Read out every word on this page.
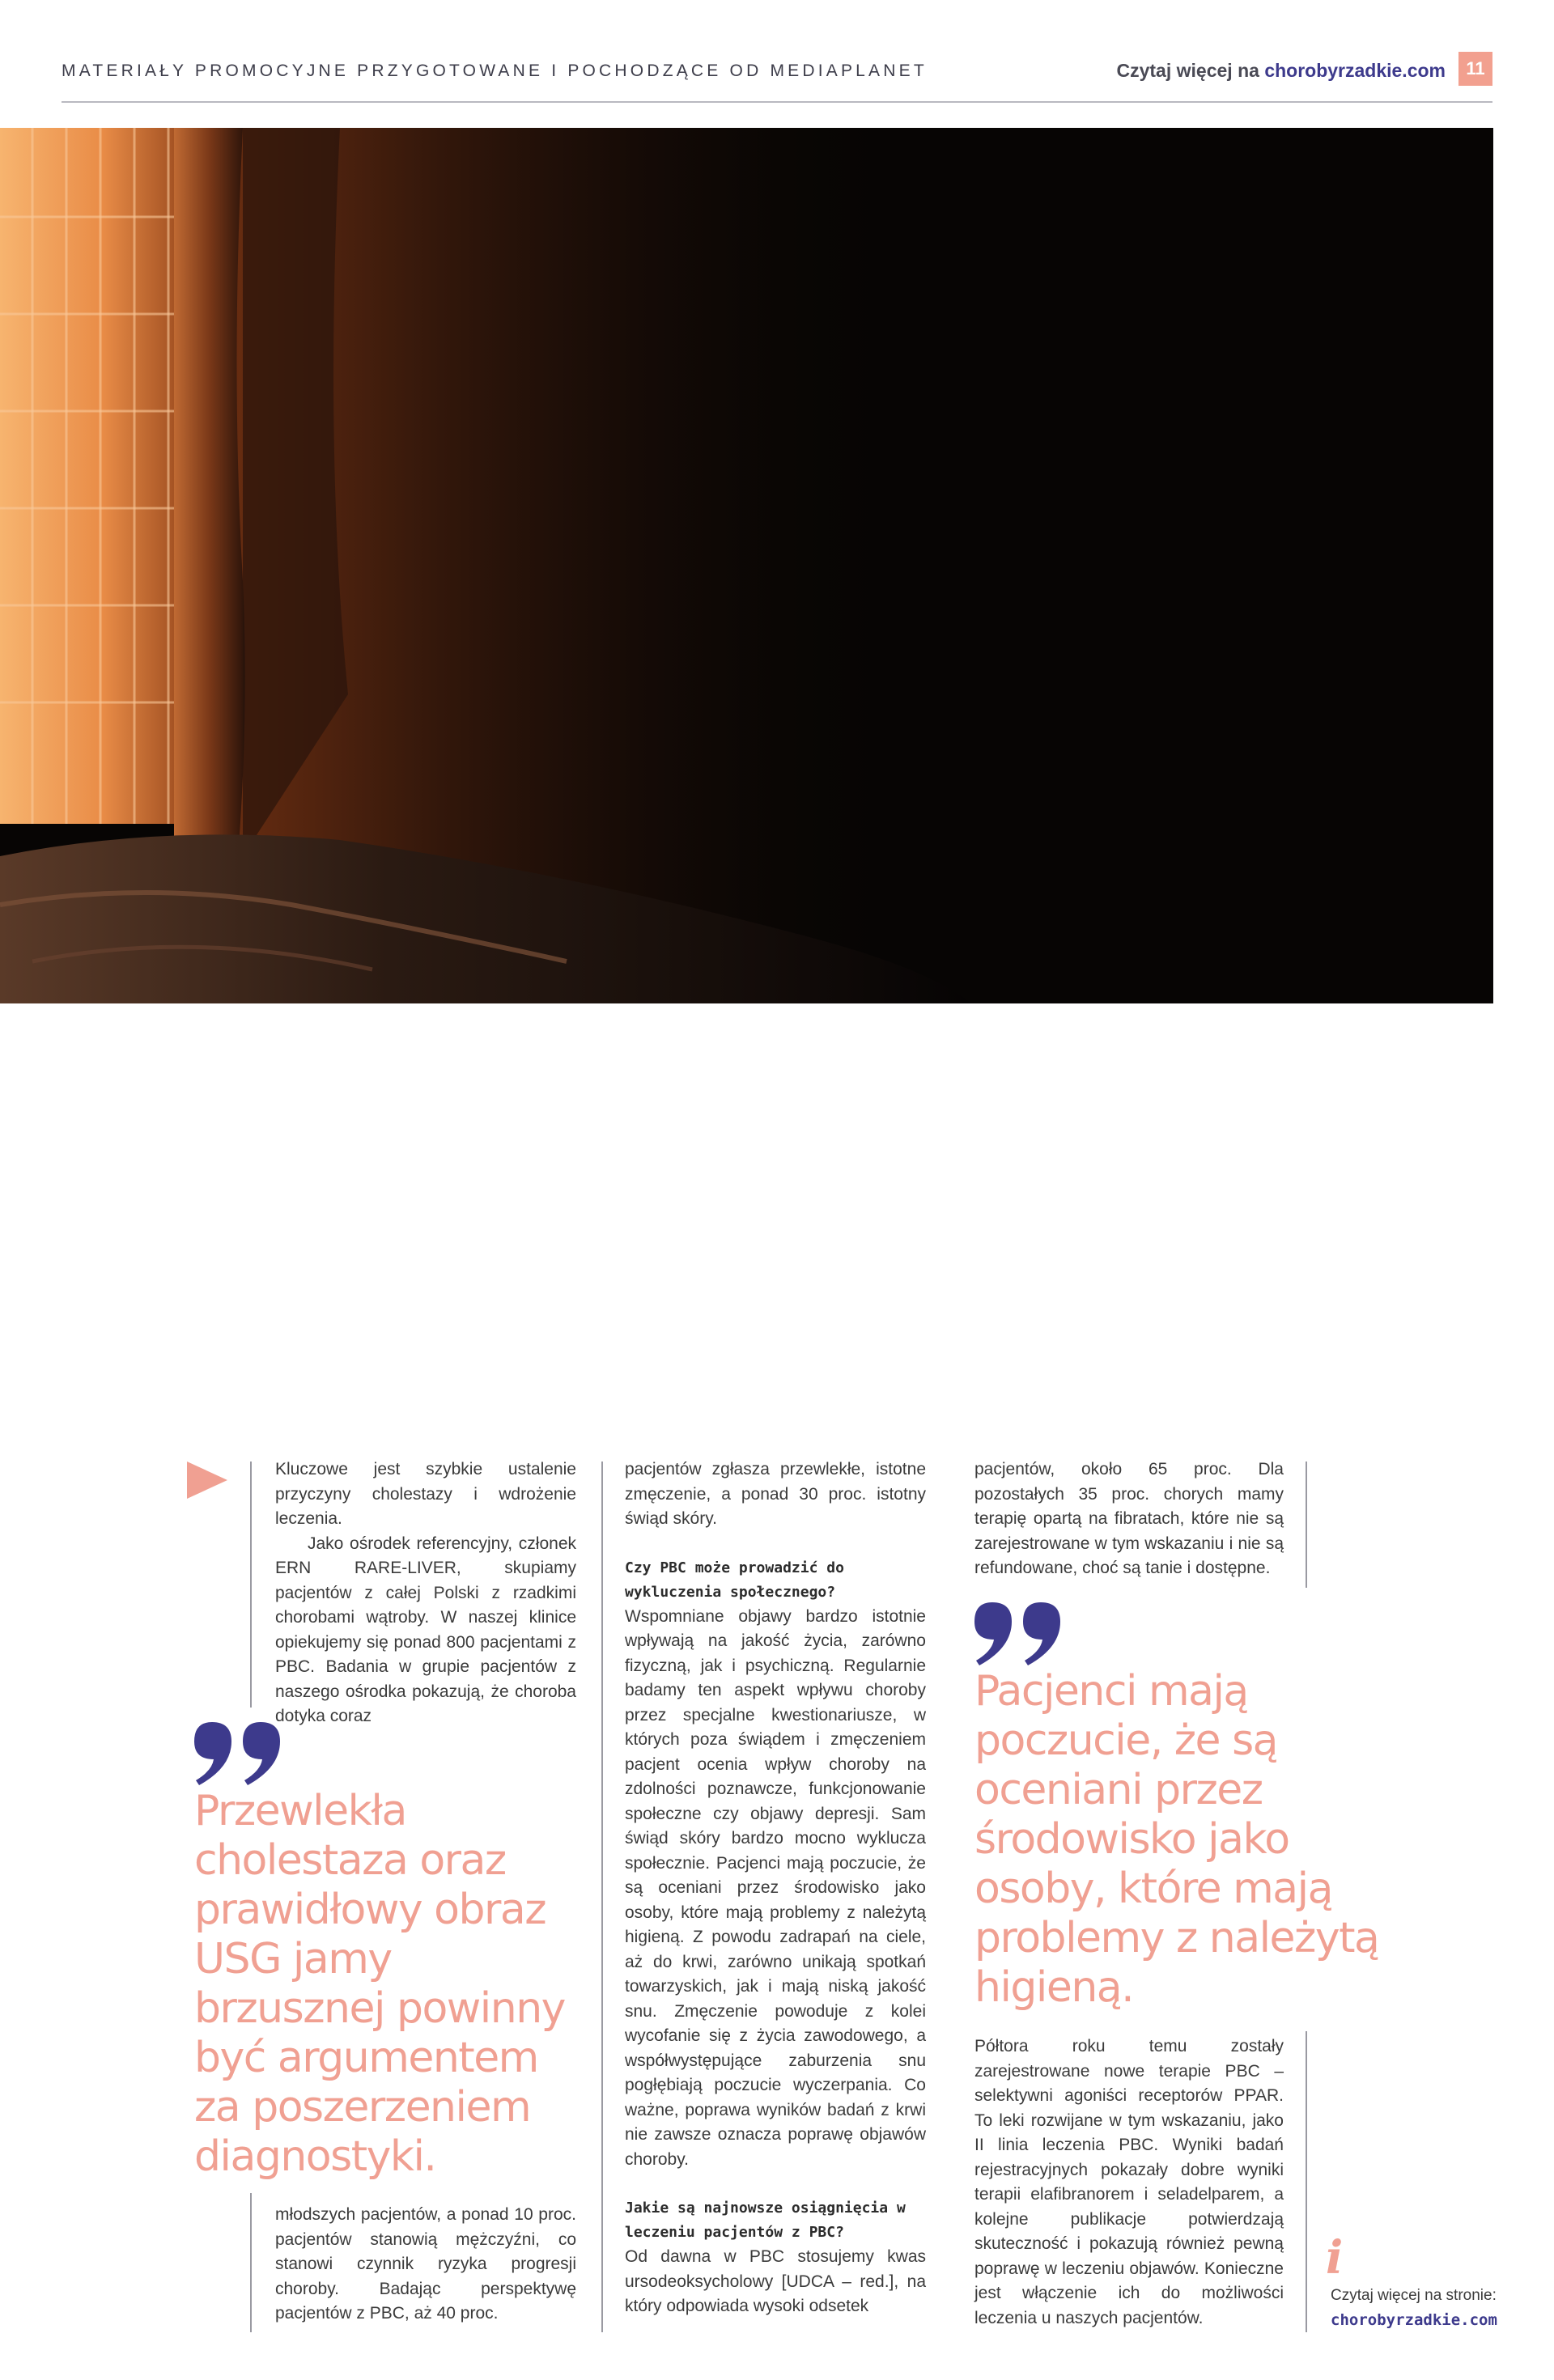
MATERIAŁY PROMOCYJNE PRZYGOTOWANE I POCHODZĄCE OD MEDIAPLANET	Czytaj więcej na chorobyrzadkie.com	11

Kluczowe jest szybkie ustalenie przyczyny cholestazy i wdrożenie leczenia.

Jako ośrodek referencyjny, członek ERN RARE-LIVER, skupiamy pacjentów z całej Polski z rzadkimi chorobami wątroby. W naszej klinice opiekujemy się ponad 800 pacjentami z PBC. Badania w grupie pacjentów z naszego ośrodka pokazują, że choroba dotyka coraz

Przewlekła cholestaza oraz prawidłowy obraz USG jamy brzusznej powinny być argumentem za poszerzeniem diagnostyki.

młodszych pacjentów, a ponad 10 proc. pacjentów stanowią mężczyźni, co stanowi czynnik ryzyka progresji choroby. Badając perspektywę pacjentów z PBC, aż 40 proc.

pacjentów zgłasza przewlekłe, istotne zmęczenie, a ponad 30 proc. istotny świąd skóry.

Czy PBC może prowadzić do wykluczenia społecznego?

Wspomniane objawy bardzo istotnie wpływają na jakość życia, zarówno fizyczną, jak i psychiczną. Regularnie badamy ten aspekt wpływu choroby przez specjalne kwestionariusze, w których poza świądem i zmęczeniem pacjent ocenia wpływ choroby na zdolności poznawcze, funkcjonowanie społeczne czy objawy depresji. Sam świąd skóry bardzo mocno wyklucza społecznie. Pacjenci mają poczucie, że są oceniani przez środowisko jako osoby, które mają problemy z należytą higieną. Z powodu zadrapań na ciele, aż do krwi, zarówno unikają spotkań towarzyskich, jak i mają niską jakość snu. Zmęczenie powoduje z kolei wycofanie się z życia zawodowego, a współwystępujące zaburzenia snu pogłębiają poczucie wyczerpania. Co ważne, poprawa wyników badań z krwi nie zawsze oznacza poprawę objawów choroby.

Jakie są najnowsze osiągnięcia w leczeniu pacjentów z PBC?

Od dawna w PBC stosujemy kwas ursodeoksycholowy [UDCA – red.], na który odpowiada wysoki odsetek

pacjentów, około 65 proc. Dla pozostałych 35 proc. chorych mamy terapię opartą na fibratach, które nie są zarejestrowane w tym wskazaniu i nie są refundowane, choć są tanie i dostępne.

Pacjenci mają poczucie, że są oceniani przez środowisko jako osoby, które mają problemy z należytą higieną.

Półtora roku temu zostały zarejestrowane nowe terapie PBC – selektywni agoniści receptorów PPAR. To leki rozwijane w tym wskazaniu, jako II linia leczenia PBC. Wyniki badań rejestracyjnych pokazały dobre wyniki terapii elafibranorem i seladelparem, a kolejne publikacje potwierdzają skuteczność i pokazują również pewną poprawę w leczeniu objawów. Konieczne jest włączenie ich do możliwości leczenia u naszych pacjentów.

i
Czytaj więcej na stronie:
chorobyrzadkie.com
